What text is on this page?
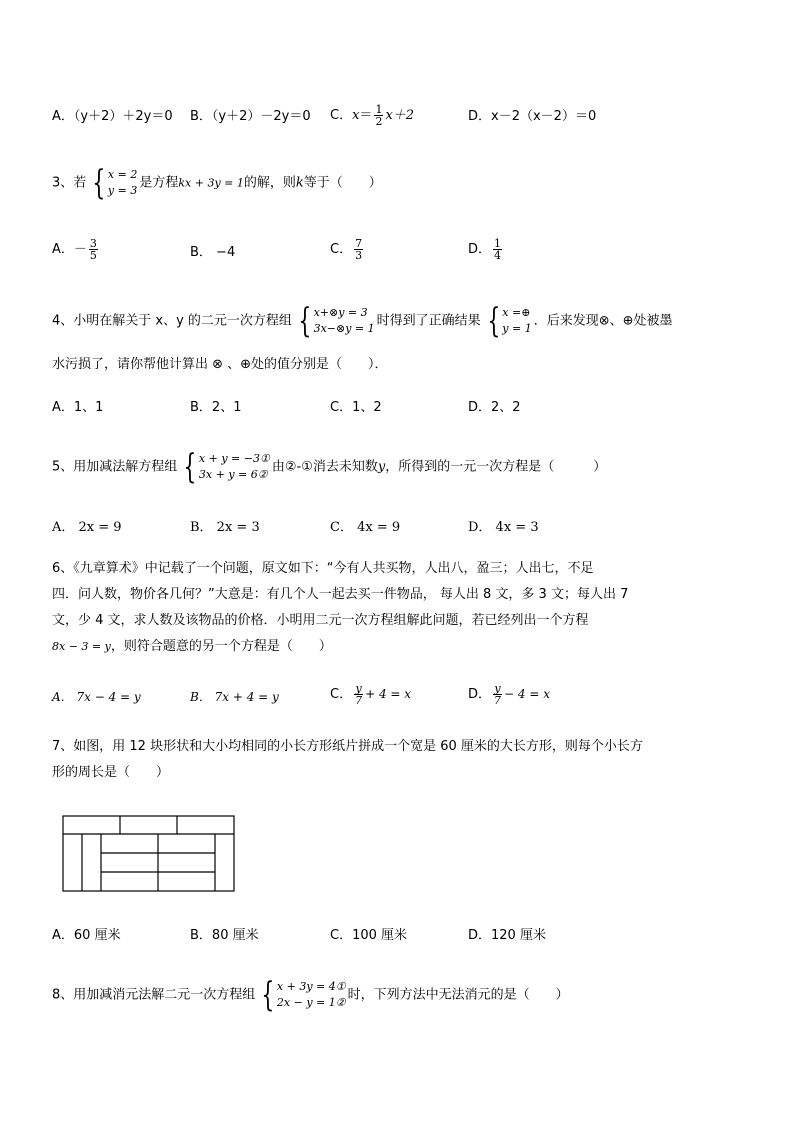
A．（y＋2）＋2y＝0 B．（y＋2）－2y＝0 C．$x= \frac{1}{2} x+2$	D．x－2（x－2）＝0
3、若 { x = 2
y = 3 是方程kx + 3y = 1的解，则k等于（　　）
A．－ $\frac{3}{5}$	B． −4	C． $\frac{7}{3}$	D． $\frac{1}{4}$
4、小明在解关于 x、y 的二元一次方程组 { x+⊗y = 3
3x−⊗y = 1 时得到了正确结果 { x =⊕
y = 1 ．后来发现⊗、⊕处被墨
水污损了，请你帮他计算出 ⊗ 、⊕处的值分别是（　　）．
A．1、1	B．2、1	C．1、2	D．2、2
5、用加减法解方程组 { x + y = −3①
3x + y = 6② 由②-①消去未知数y，所得到的一元一次方程是（　　　）
A． 2x = 9	B． 2x = 3	C． 4x = 9	D． 4x = 3
6、《九章算术》中记载了一个问题，原文如下：“今有人共买物，人出八，盈三；人出七，不足
四．问人数，物价各几何？”大意是：有几个人一起去买一件物品， 每人出 8 文，多 3 文；每人出 7
文，少 4 文，求人数及该物品的价格．小明用二元一次方程组解此问题，若已经列出一个方程
8x − 3 = y，则符合题意的另一个方程是（　　）
A． 7x − 4 = y	B． 7x + 4 = y	C． $\frac{y}{7} + 4 = x$	D． $\frac{y}{7} - 4 = x$
7、如图，用 12 块形状和大小均相同的小长方形纸片拼成一个宽是 60 厘米的大长方形，则每个小长方
形的周长是（　　）
A．60 厘米	B．80 厘米	C．100 厘米	D．120 厘米
8、用加减消元法解二元一次方程组 { x + 3y = 4①
2x − y = 1② 时，下列方法中无法消元的是（　　）
